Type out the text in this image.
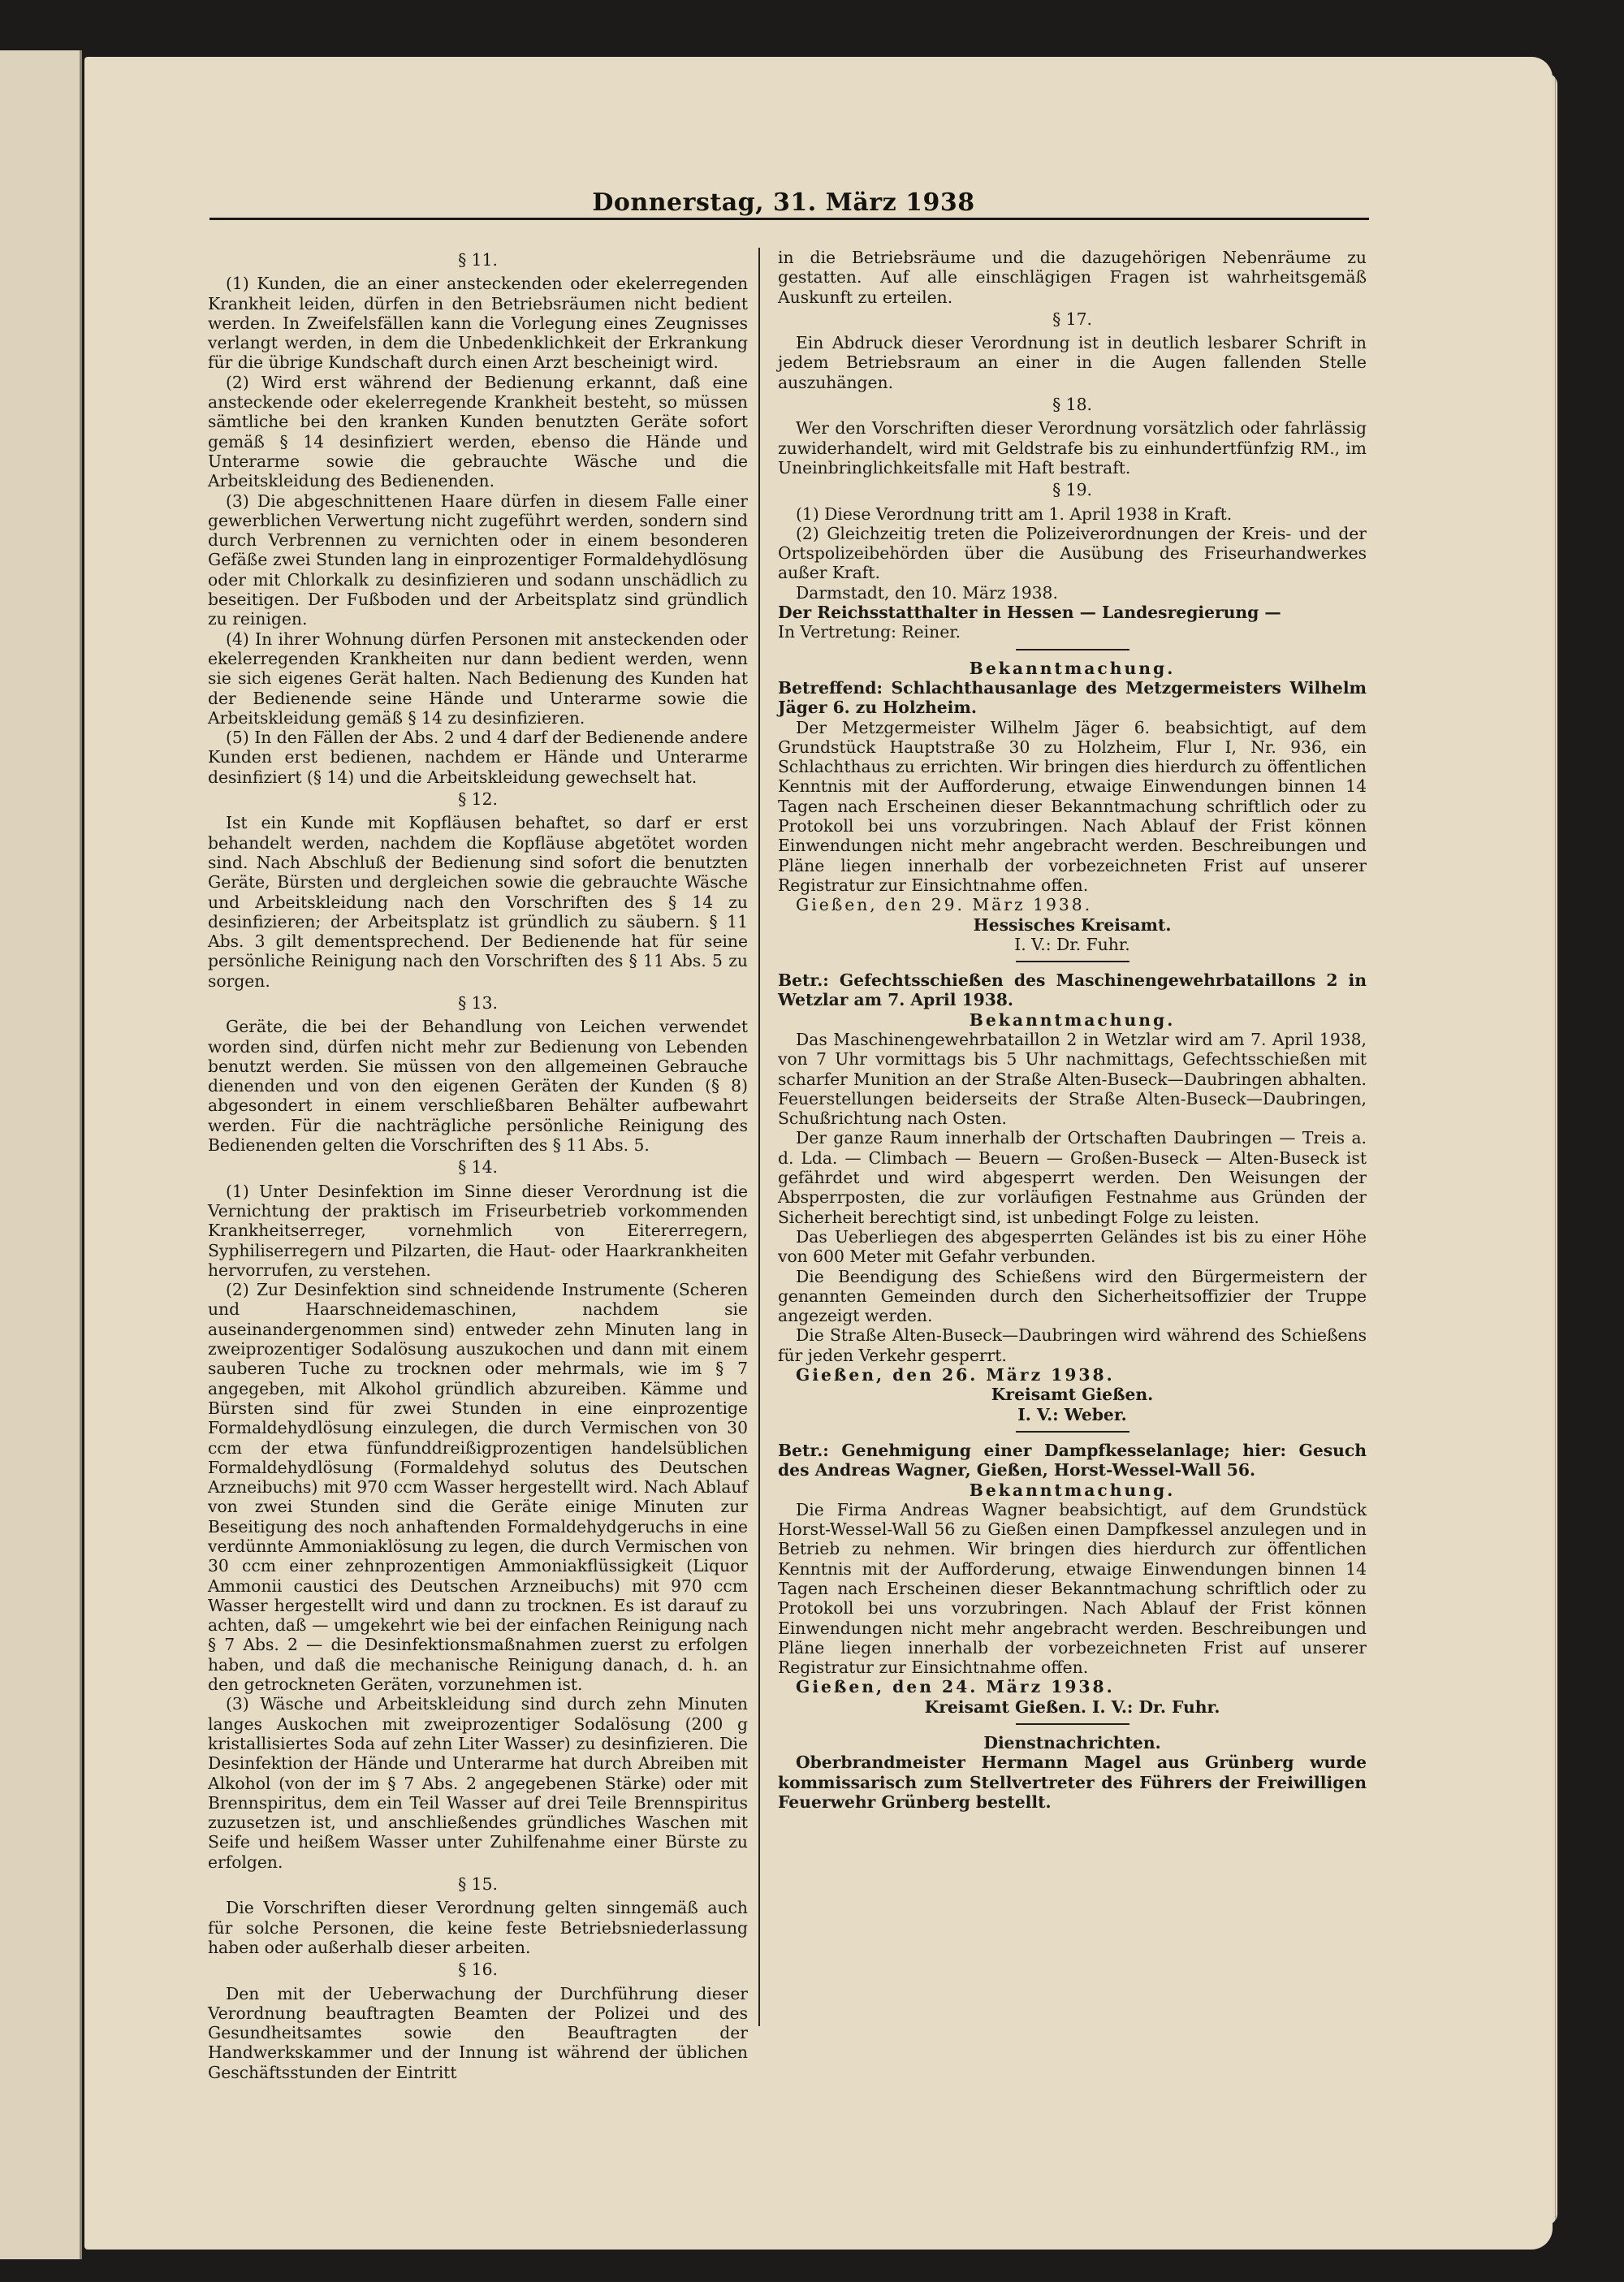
Donnerstag, 31. März 1938

§ 11.

(1) Kunden, die an einer ansteckenden oder ekelerregenden Krankheit leiden, dürfen in den Betriebsräumen nicht bedient werden. In Zweifelsfällen kann die Vorlegung eines Zeugnisses verlangt werden, in dem die Unbedenklichkeit der Erkrankung für die übrige Kundschaft durch einen Arzt bescheinigt wird.

(2) Wird erst während der Bedienung erkannt, daß eine ansteckende oder ekelerregende Krankheit besteht, so müssen sämtliche bei den kranken Kunden benutzten Geräte sofort gemäß § 14 desinfiziert werden, ebenso die Hände und Unterarme sowie die gebrauchte Wäsche und die Arbeitskleidung des Bedienenden.

(3) Die abgeschnittenen Haare dürfen in diesem Falle einer gewerblichen Verwertung nicht zugeführt werden, sondern sind durch Verbrennen zu vernichten oder in einem besonderen Gefäße zwei Stunden lang in einprozentiger Formaldehydlösung oder mit Chlorkalk zu desinfizieren und sodann unschädlich zu beseitigen. Der Fußboden und der Arbeitsplatz sind gründlich zu reinigen.

(4) In ihrer Wohnung dürfen Personen mit ansteckenden oder ekelerregenden Krankheiten nur dann bedient werden, wenn sie sich eigenes Gerät halten. Nach Bedienung des Kunden hat der Bedienende seine Hände und Unterarme sowie die Arbeitskleidung gemäß § 14 zu desinfizieren.

(5) In den Fällen der Abs. 2 und 4 darf der Bedienende andere Kunden erst bedienen, nachdem er Hände und Unterarme desinfiziert (§ 14) und die Arbeitskleidung gewechselt hat.

§ 12.

Ist ein Kunde mit Kopfläusen behaftet, so darf er erst behandelt werden, nachdem die Kopfläuse abgetötet worden sind. Nach Abschluß der Bedienung sind sofort die benutzten Geräte, Bürsten und dergleichen sowie die gebrauchte Wäsche und Arbeitskleidung nach den Vorschriften des § 14 zu desinfizieren; der Arbeitsplatz ist gründlich zu säubern. § 11 Abs. 3 gilt dementsprechend. Der Bedienende hat für seine persönliche Reinigung nach den Vorschriften des § 11 Abs. 5 zu sorgen.

§ 13.

Geräte, die bei der Behandlung von Leichen verwendet worden sind, dürfen nicht mehr zur Bedienung von Lebenden benutzt werden. Sie müssen von den allgemeinen Gebrauche dienenden und von den eigenen Geräten der Kunden (§ 8) abgesondert in einem verschließbaren Behälter aufbewahrt werden. Für die nachträgliche persönliche Reinigung des Bedienenden gelten die Vorschriften des § 11 Abs. 5.

§ 14.

(1) Unter Desinfektion im Sinne dieser Verordnung ist die Vernichtung der praktisch im Friseurbetrieb vorkommenden Krankheitserreger, vornehmlich von Eitererregern, Syphiliserregern und Pilzarten, die Haut- oder Haarkrankheiten hervorrufen, zu verstehen.

(2) Zur Desinfektion sind schneidende Instrumente (Scheren und Haarschneidemaschinen, nachdem sie auseinandergenommen sind) entweder zehn Minuten lang in zweiprozentiger Sodalösung auszukochen und dann mit einem sauberen Tuche zu trocknen oder mehrmals, wie im § 7 angegeben, mit Alkohol gründlich abzureiben. Kämme und Bürsten sind für zwei Stunden in eine einprozentige Formaldehydlösung einzulegen, die durch Vermischen von 30 ccm der etwa fünfunddreißigprozentigen handelsüblichen Formaldehydlösung (Formaldehyd solutus des Deutschen Arzneibuchs) mit 970 ccm Wasser hergestellt wird. Nach Ablauf von zwei Stunden sind die Geräte einige Minuten zur Beseitigung des noch anhaftenden Formaldehydgeruchs in eine verdünnte Ammoniaklösung zu legen, die durch Vermischen von 30 ccm einer zehnprozentigen Ammoniakflüssigkeit (Liquor Ammonii caustici des Deutschen Arzneibuchs) mit 970 ccm Wasser hergestellt wird und dann zu trocknen. Es ist darauf zu achten, daß — umgekehrt wie bei der einfachen Reinigung nach § 7 Abs. 2 — die Desinfektionsmaßnahmen zuerst zu erfolgen haben, und daß die mechanische Reinigung danach, d. h. an den getrockneten Geräten, vorzunehmen ist.

(3) Wäsche und Arbeitskleidung sind durch zehn Minuten langes Auskochen mit zweiprozentiger Sodalösung (200 g kristallisiertes Soda auf zehn Liter Wasser) zu desinfizieren. Die Desinfektion der Hände und Unterarme hat durch Abreiben mit Alkohol (von der im § 7 Abs. 2 angegebenen Stärke) oder mit Brennspiritus, dem ein Teil Wasser auf drei Teile Brennspiritus zuzusetzen ist, und anschließendes gründliches Waschen mit Seife und heißem Wasser unter Zuhilfenahme einer Bürste zu erfolgen.

§ 15.

Die Vorschriften dieser Verordnung gelten sinngemäß auch für solche Personen, die keine feste Betriebsniederlassung haben oder außerhalb dieser arbeiten.

§ 16.

Den mit der Ueberwachung der Durchführung dieser Verordnung beauftragten Beamten der Polizei und des Gesundheitsamtes sowie den Beauftragten der Handwerkskammer und der Innung ist während der üblichen Geschäftsstunden der Eintritt

in die Betriebsräume und die dazugehörigen Nebenräume zu gestatten. Auf alle einschlägigen Fragen ist wahrheitsgemäß Auskunft zu erteilen.

§ 17.

Ein Abdruck dieser Verordnung ist in deutlich lesbarer Schrift in jedem Betriebsraum an einer in die Augen fallenden Stelle auszuhängen.

§ 18.

Wer den Vorschriften dieser Verordnung vorsätzlich oder fahrlässig zuwiderhandelt, wird mit Geldstrafe bis zu einhundertfünfzig RM., im Uneinbringlichkeitsfalle mit Haft bestraft.

§ 19.

(1) Diese Verordnung tritt am 1. April 1938 in Kraft.

(2) Gleichzeitig treten die Polizeiverordnungen der Kreis- und der Ortspolizeibehörden über die Ausübung des Friseurhandwerkes außer Kraft.

Darmstadt, den 10. März 1938.

Der Reichsstatthalter in Hessen — Landesregierung —

In Vertretung: Reiner.

Bekanntmachung.

Betreffend: Schlachthausanlage des Metzgermeisters Wilhelm Jäger 6. zu Holzheim.

Der Metzgermeister Wilhelm Jäger 6. beabsichtigt, auf dem Grundstück Hauptstraße 30 zu Holzheim, Flur I, Nr. 936, ein Schlachthaus zu errichten. Wir bringen dies hierdurch zu öffentlichen Kenntnis mit der Aufforderung, etwaige Einwendungen binnen 14 Tagen nach Erscheinen dieser Bekanntmachung schriftlich oder zu Protokoll bei uns vorzubringen. Nach Ablauf der Frist können Einwendungen nicht mehr angebracht werden. Beschreibungen und Pläne liegen innerhalb der vorbezeichneten Frist auf unserer Registratur zur Einsichtnahme offen.

Gießen, den 29. März 1938.

Hessisches Kreisamt.

I. V.: Dr. Fuhr.

Betr.: Gefechtsschießen des Maschinengewehrbataillons 2 in Wetzlar am 7. April 1938.

Bekanntmachung.

Das Maschinengewehrbataillon 2 in Wetzlar wird am 7. April 1938, von 7 Uhr vormittags bis 5 Uhr nachmittags, Gefechtsschießen mit scharfer Munition an der Straße Alten-Buseck—Daubringen abhalten. Feuerstellungen beiderseits der Straße Alten-Buseck—Daubringen, Schußrichtung nach Osten.

Der ganze Raum innerhalb der Ortschaften Daubringen — Treis a. d. Lda. — Climbach — Beuern — Großen-Buseck — Alten-Buseck ist gefährdet und wird abgesperrt werden. Den Weisungen der Absperrposten, die zur vorläufigen Festnahme aus Gründen der Sicherheit berechtigt sind, ist unbedingt Folge zu leisten.

Das Ueberliegen des abgesperrten Geländes ist bis zu einer Höhe von 600 Meter mit Gefahr verbunden.

Die Beendigung des Schießens wird den Bürgermeistern der genannten Gemeinden durch den Sicherheitsoffizier der Truppe angezeigt werden.

Die Straße Alten-Buseck—Daubringen wird während des Schießens für jeden Verkehr gesperrt.

Gießen, den 26. März 1938.

Kreisamt Gießen.

I. V.: Weber.

Betr.: Genehmigung einer Dampfkesselanlage; hier: Gesuch des Andreas Wagner, Gießen, Horst-Wessel-Wall 56.

Bekanntmachung.

Die Firma Andreas Wagner beabsichtigt, auf dem Grundstück Horst-Wessel-Wall 56 zu Gießen einen Dampfkessel anzulegen und in Betrieb zu nehmen. Wir bringen dies hierdurch zur öffentlichen Kenntnis mit der Aufforderung, etwaige Einwendungen binnen 14 Tagen nach Erscheinen dieser Bekanntmachung schriftlich oder zu Protokoll bei uns vorzubringen. Nach Ablauf der Frist können Einwendungen nicht mehr angebracht werden. Beschreibungen und Pläne liegen innerhalb der vorbezeichneten Frist auf unserer Registratur zur Einsichtnahme offen.

Gießen, den 24. März 1938.

Kreisamt Gießen. I. V.: Dr. Fuhr.

Dienstnachrichten.

Oberbrandmeister Hermann Magel aus Grünberg wurde kommissarisch zum Stellvertreter des Führers der Freiwilligen Feuerwehr Grünberg bestellt.
